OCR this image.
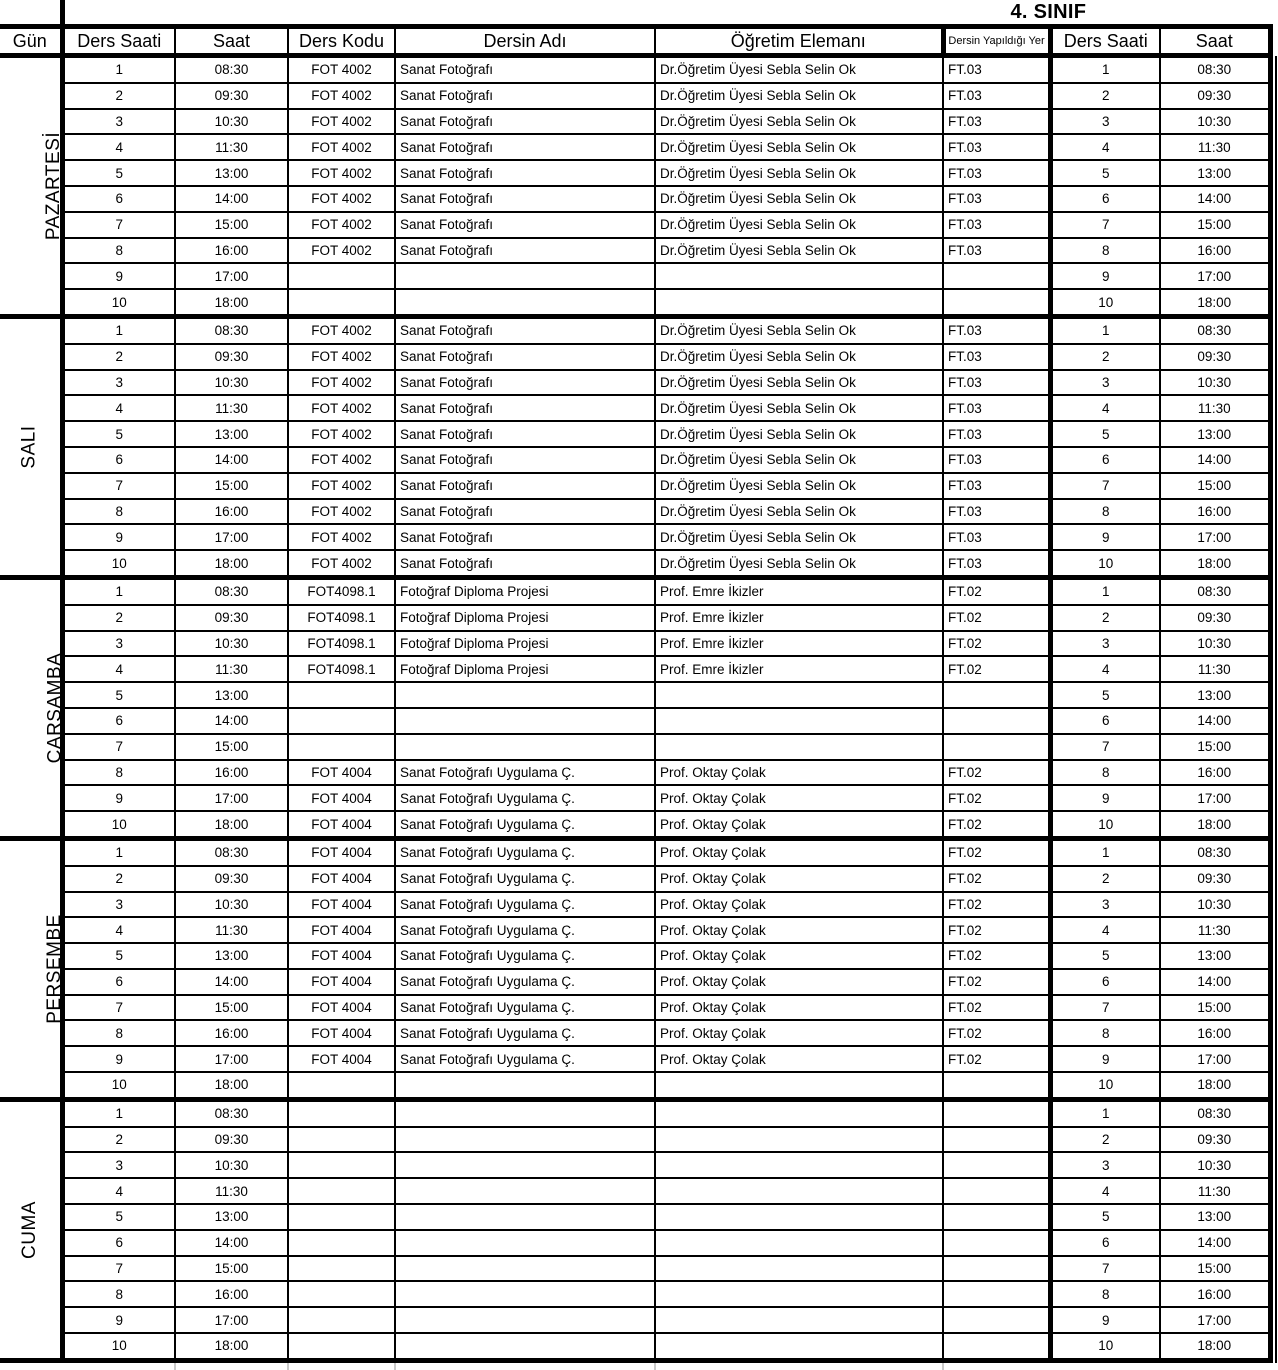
	4. SINIF							

Gün	Ders Saati	Saat	Ders Kodu	Dersin Adı	Öğretim Elemanı	Dersin Yapıldığı Yer	Ders Saati	Saat
PAZARTESİ	1	08:30	FOT 4002	Sanat Fotoğrafı	Dr.Öğretim Üyesi Sebla Selin Ok	FT.03	1	08:30
	2	09:30	FOT 4002	Sanat Fotoğrafı	Dr.Öğretim Üyesi Sebla Selin Ok	FT.03	2	09:30
	3	10:30	FOT 4002	Sanat Fotoğrafı	Dr.Öğretim Üyesi Sebla Selin Ok	FT.03	3	10:30
	4	11:30	FOT 4002	Sanat Fotoğrafı	Dr.Öğretim Üyesi Sebla Selin Ok	FT.03	4	11:30
	5	13:00	FOT 4002	Sanat Fotoğrafı	Dr.Öğretim Üyesi Sebla Selin Ok	FT.03	5	13:00
	6	14:00	FOT 4002	Sanat Fotoğrafı	Dr.Öğretim Üyesi Sebla Selin Ok	FT.03	6	14:00
	7	15:00	FOT 4002	Sanat Fotoğrafı	Dr.Öğretim Üyesi Sebla Selin Ok	FT.03	7	15:00
	8	16:00	FOT 4002	Sanat Fotoğrafı	Dr.Öğretim Üyesi Sebla Selin Ok	FT.03	8	16:00
	9	17:00					9	17:00
	10	18:00					10	18:00
SALI	1	08:30	FOT 4002	Sanat Fotoğrafı	Dr.Öğretim Üyesi Sebla Selin Ok	FT.03	1	08:30
	2	09:30	FOT 4002	Sanat Fotoğrafı	Dr.Öğretim Üyesi Sebla Selin Ok	FT.03	2	09:30
	3	10:30	FOT 4002	Sanat Fotoğrafı	Dr.Öğretim Üyesi Sebla Selin Ok	FT.03	3	10:30
	4	11:30	FOT 4002	Sanat Fotoğrafı	Dr.Öğretim Üyesi Sebla Selin Ok	FT.03	4	11:30
	5	13:00	FOT 4002	Sanat Fotoğrafı	Dr.Öğretim Üyesi Sebla Selin Ok	FT.03	5	13:00
	6	14:00	FOT 4002	Sanat Fotoğrafı	Dr.Öğretim Üyesi Sebla Selin Ok	FT.03	6	14:00
	7	15:00	FOT 4002	Sanat Fotoğrafı	Dr.Öğretim Üyesi Sebla Selin Ok	FT.03	7	15:00
	8	16:00	FOT 4002	Sanat Fotoğrafı	Dr.Öğretim Üyesi Sebla Selin Ok	FT.03	8	16:00
	9	17:00	FOT 4002	Sanat Fotoğrafı	Dr.Öğretim Üyesi Sebla Selin Ok	FT.03	9	17:00
	10	18:00	FOT 4002	Sanat Fotoğrafı	Dr.Öğretim Üyesi Sebla Selin Ok	FT.03	10	18:00
ÇARŞAMBA	1	08:30	FOT4098.1	Fotoğraf Diploma Projesi	Prof. Emre İkizler	FT.02	1	08:30
	2	09:30	FOT4098.1	Fotoğraf Diploma Projesi	Prof. Emre İkizler	FT.02	2	09:30
	3	10:30	FOT4098.1	Fotoğraf Diploma Projesi	Prof. Emre İkizler	FT.02	3	10:30
	4	11:30	FOT4098.1	Fotoğraf Diploma Projesi	Prof. Emre İkizler	FT.02	4	11:30
	5	13:00					5	13:00
	6	14:00					6	14:00
	7	15:00					7	15:00
	8	16:00	FOT 4004	Sanat Fotoğrafı Uygulama Ç.	Prof. Oktay Çolak	FT.02	8	16:00
	9	17:00	FOT 4004	Sanat Fotoğrafı Uygulama Ç.	Prof. Oktay Çolak	FT.02	9	17:00
	10	18:00	FOT 4004	Sanat Fotoğrafı Uygulama Ç.	Prof. Oktay Çolak	FT.02	10	18:00
PERŞEMBE	1	08:30	FOT 4004	Sanat Fotoğrafı Uygulama Ç.	Prof. Oktay Çolak	FT.02	1	08:30
	2	09:30	FOT 4004	Sanat Fotoğrafı Uygulama Ç.	Prof. Oktay Çolak	FT.02	2	09:30
	3	10:30	FOT 4004	Sanat Fotoğrafı Uygulama Ç.	Prof. Oktay Çolak	FT.02	3	10:30
	4	11:30	FOT 4004	Sanat Fotoğrafı Uygulama Ç.	Prof. Oktay Çolak	FT.02	4	11:30
	5	13:00	FOT 4004	Sanat Fotoğrafı Uygulama Ç.	Prof. Oktay Çolak	FT.02	5	13:00
	6	14:00	FOT 4004	Sanat Fotoğrafı Uygulama Ç.	Prof. Oktay Çolak	FT.02	6	14:00
	7	15:00	FOT 4004	Sanat Fotoğrafı Uygulama Ç.	Prof. Oktay Çolak	FT.02	7	15:00
	8	16:00	FOT 4004	Sanat Fotoğrafı Uygulama Ç.	Prof. Oktay Çolak	FT.02	8	16:00
	9	17:00	FOT 4004	Sanat Fotoğrafı Uygulama Ç.	Prof. Oktay Çolak	FT.02	9	17:00
	10	18:00					10	18:00
CUMA	1	08:30					1	08:30
	2	09:30					2	09:30
	3	10:30					3	10:30
	4	11:30					4	11:30
	5	13:00					5	13:00
	6	14:00					6	14:00
	7	15:00					7	15:00
	8	16:00					8	16:00
	9	17:00					9	17:00
	10	18:00					10	18:00
